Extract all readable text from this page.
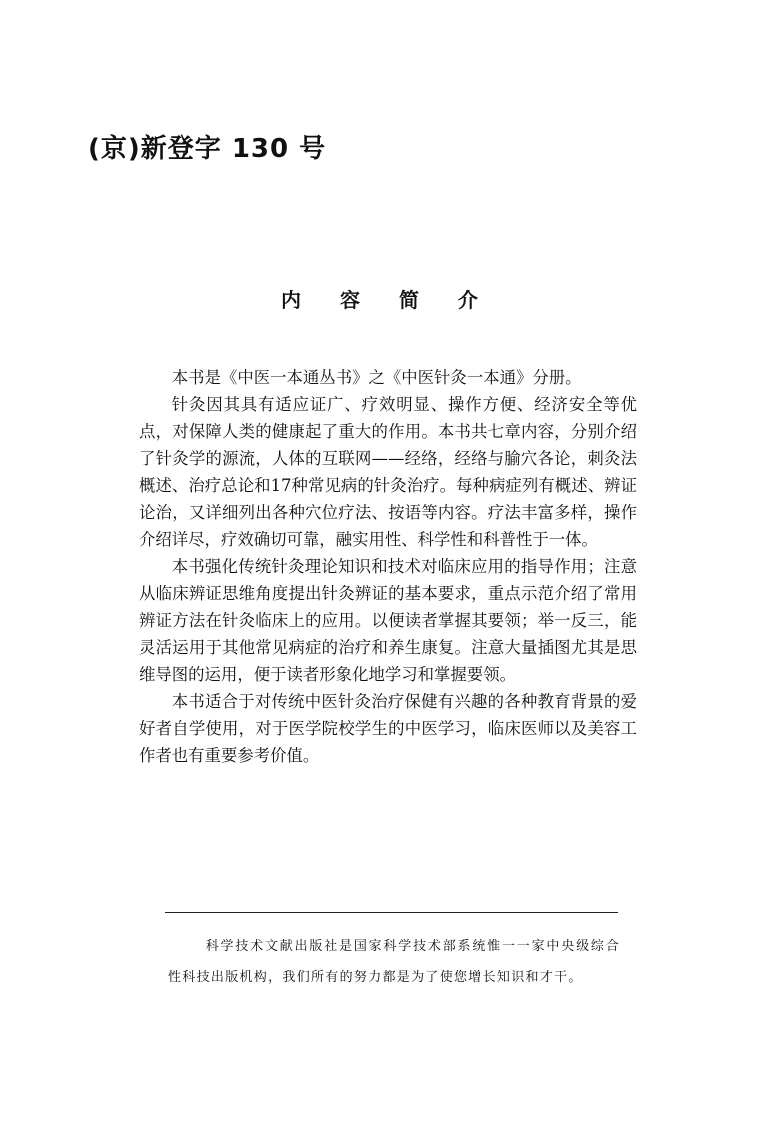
(京)新登字 130 号
内 容 简 介

本书是《中医一本通丛书》之《中医针灸一本通》分册。

针灸因其具有适应证广、疗效明显、操作方便、经济安全等优点，对保障人类的健康起了重大的作用。本书共七章内容，分别介绍了针灸学的源流，人体的互联网——经络，经络与腧穴各论，刺灸法概述、治疗总论和17种常见病的针灸治疗。每种病症列有概述、辨证论治，又详细列出各种穴位疗法、按语等内容。疗法丰富多样，操作介绍详尽，疗效确切可靠，融实用性、科学性和科普性于一体。

本书强化传统针灸理论知识和技术对临床应用的指导作用；注意从临床辨证思维角度提出针灸辨证的基本要求，重点示范介绍了常用辨证方法在针灸临床上的应用。以便读者掌握其要领；举一反三，能灵活运用于其他常见病症的治疗和养生康复。注意大量插图尤其是思维导图的运用，便于读者形象化地学习和掌握要领。

本书适合于对传统中医针灸治疗保健有兴趣的各种教育背景的爱好者自学使用，对于医学院校学生的中医学习，临床医师以及美容工作者也有重要参考价值。

科学技术文献出版社是国家科学技术部系统惟一一家中央级综合性科技出版机构，我们所有的努力都是为了使您增长知识和才干。
